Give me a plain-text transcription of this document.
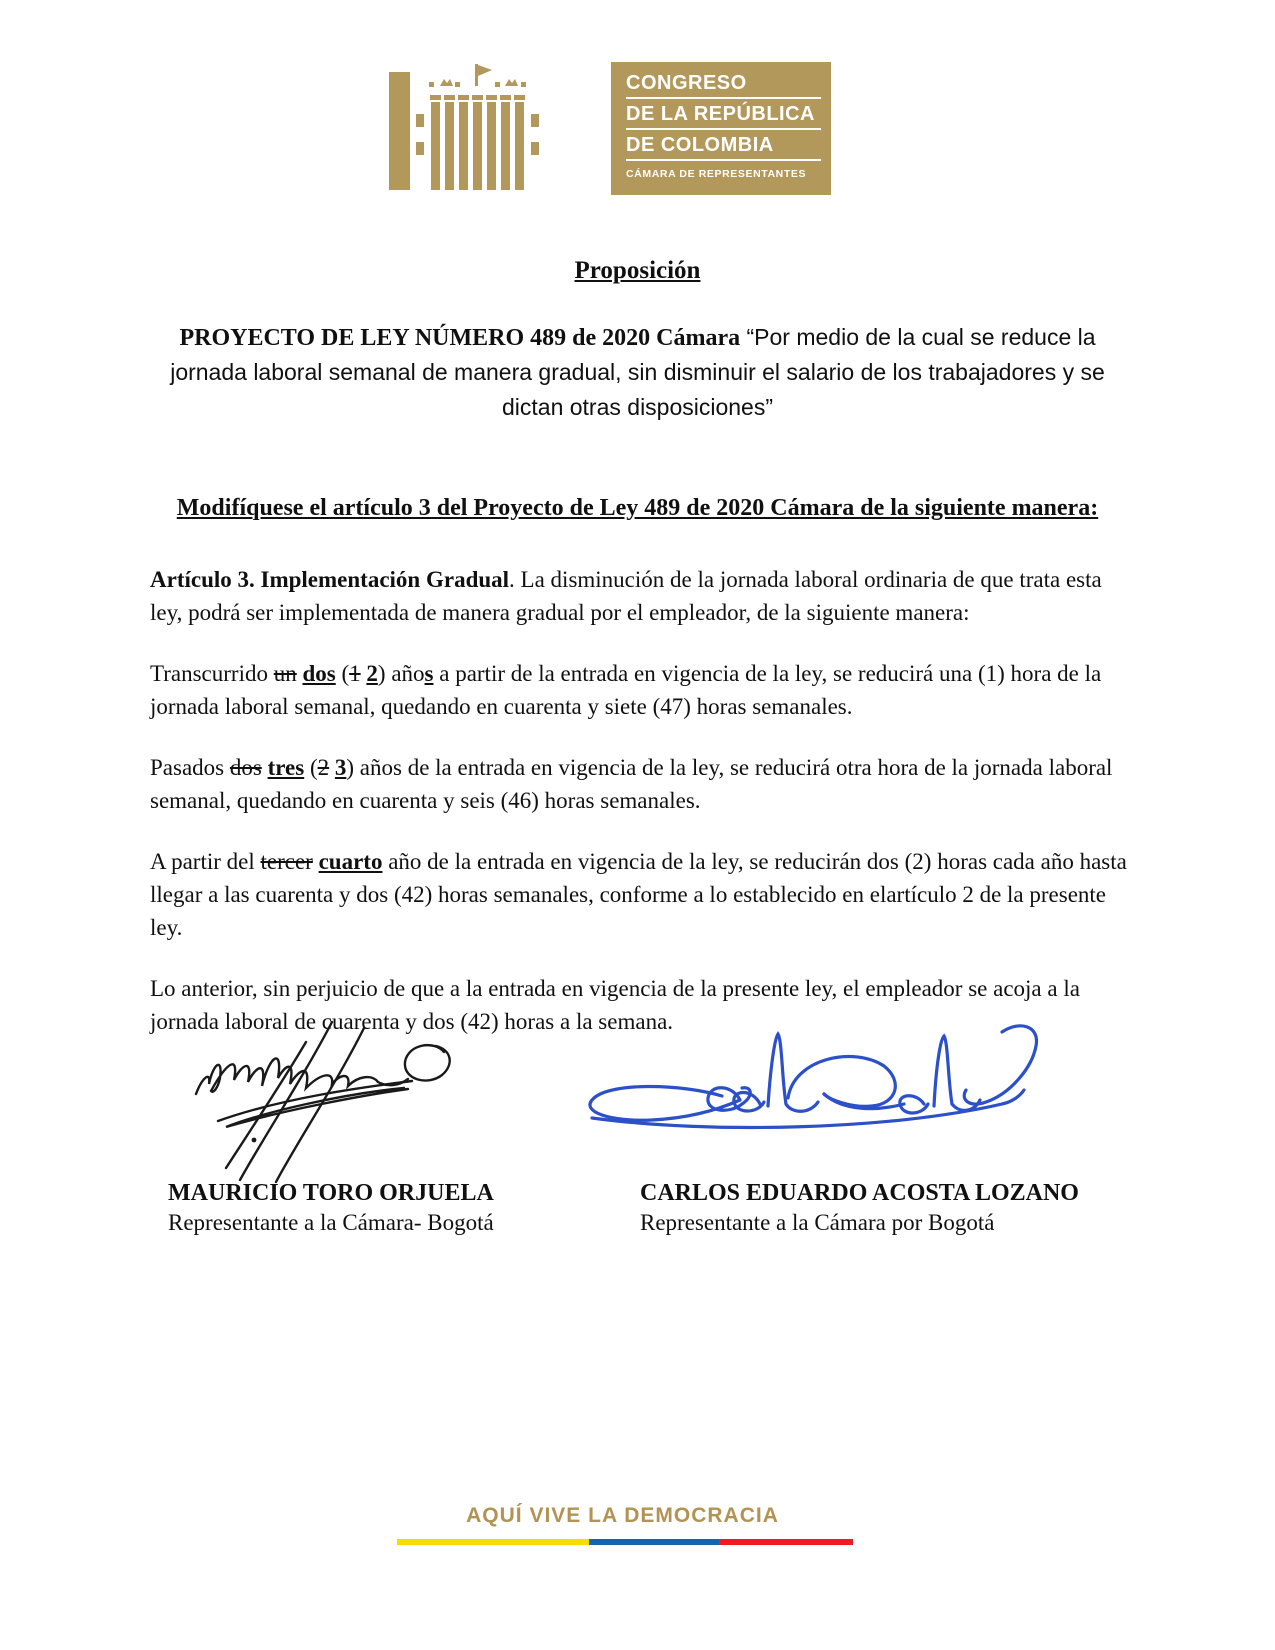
CONGRESO
DE LA REPÚBLICA
DE COLOMBIA
CÁMARA DE REPRESENTANTES
Proposición
PROYECTO DE LEY NÚMERO 489 de 2020 Cámara “Por medio de la cual se reduce la jornada laboral semanal de manera gradual, sin disminuir el salario de los trabajadores y se dictan otras disposiciones”
Modifíquese el artículo 3 del Proyecto de Ley 489 de 2020 Cámara de la siguiente manera:

Artículo 3. Implementación Gradual. La disminución de la jornada laboral ordinaria de que trata esta ley, podrá ser implementada de manera gradual por el empleador, de la siguiente manera:

Transcurrido un dos (1 2) años a partir de la entrada en vigencia de la ley, se reducirá una (1) hora de la jornada laboral semanal, quedando en cuarenta y siete (47) horas semanales.

Pasados dos tres (2 3) años de la entrada en vigencia de la ley, se reducirá otra hora de la jornada laboral semanal, quedando en cuarenta y seis (46) horas semanales.

A partir del tercer cuarto año de la entrada en vigencia de la ley, se reducirán dos (2) horas cada año hasta llegar a las cuarenta y dos (42) horas semanales, conforme a lo establecido en elartículo 2 de la presente ley.

Lo anterior, sin perjuicio de que a la entrada en vigencia de la presente ley, el empleador se acoja a la jornada laboral de cuarenta y dos (42) horas a la semana.

MAURICIO TORO ORJUELA
Representante a la Cámara- Bogotá
CARLOS EDUARDO ACOSTA LOZANO
Representante a la Cámara por Bogotá
AQUÍ VIVE LA DEMOCRACIA
